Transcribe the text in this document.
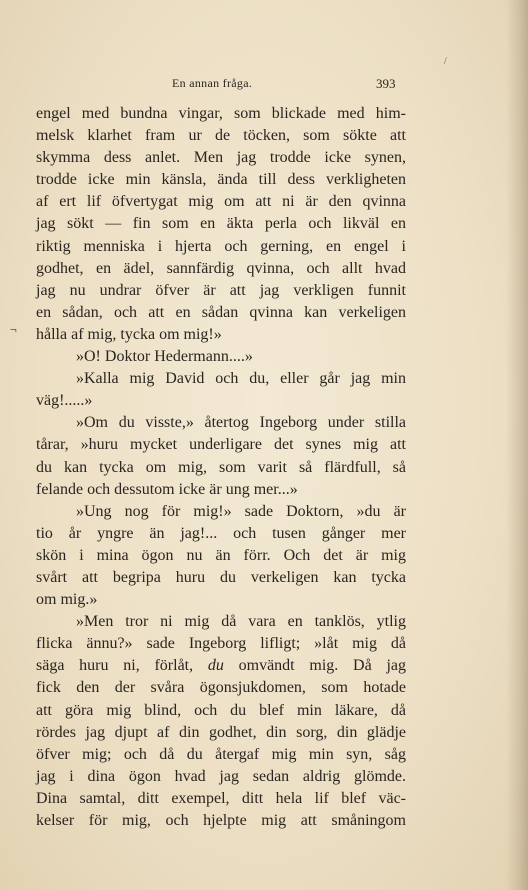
/
En annan fråga.	393
¬
engel med bundna vingar, som blickade med him-
melsk klarhet fram ur de töcken, som sökte att
skymma dess anlet. Men jag trodde icke synen,
trodde icke min känsla, ända till dess verkligheten
af ert lif öfvertygat mig om att ni är den qvinna
jag sökt — fin som en äkta perla och likväl en
riktig menniska i hjerta och gerning, en engel i
godhet, en ädel, sannfärdig qvinna, och allt hvad
jag nu undrar öfver är att jag verkligen funnit
en sådan, och att en sådan qvinna kan verkeligen
hålla af mig, tycka om mig!»
»O! Doktor Hedermann....»
»Kalla mig David och du, eller går jag min
väg!.....»
»Om du visste,» återtog Ingeborg under stilla
tårar, »huru mycket underligare det synes mig att
du kan tycka om mig, som varit så flärdfull, så
felande och dessutom icke är ung mer...»
»Ung nog för mig!» sade Doktorn, »du är
tio år yngre än jag!... och tusen gånger mer
skön i mina ögon nu än förr. Och det är mig
svårt att begripa huru du verkeligen kan tycka
om mig.»
»Men tror ni mig då vara en tanklös, ytlig
flicka ännu?» sade Ingeborg lifligt; »låt mig då
säga huru ni, förlåt, du omvändt mig. Då jag
fick den der svåra ögonsjukdomen, som hotade
att göra mig blind, och du blef min läkare, då
rördes jag djupt af din godhet, din sorg, din glädje
öfver mig; och då du återgaf mig min syn, såg
jag i dina ögon hvad jag sedan aldrig glömde.
Dina samtal, ditt exempel, ditt hela lif blef väc-
kelser för mig, och hjelpte mig att småningom
